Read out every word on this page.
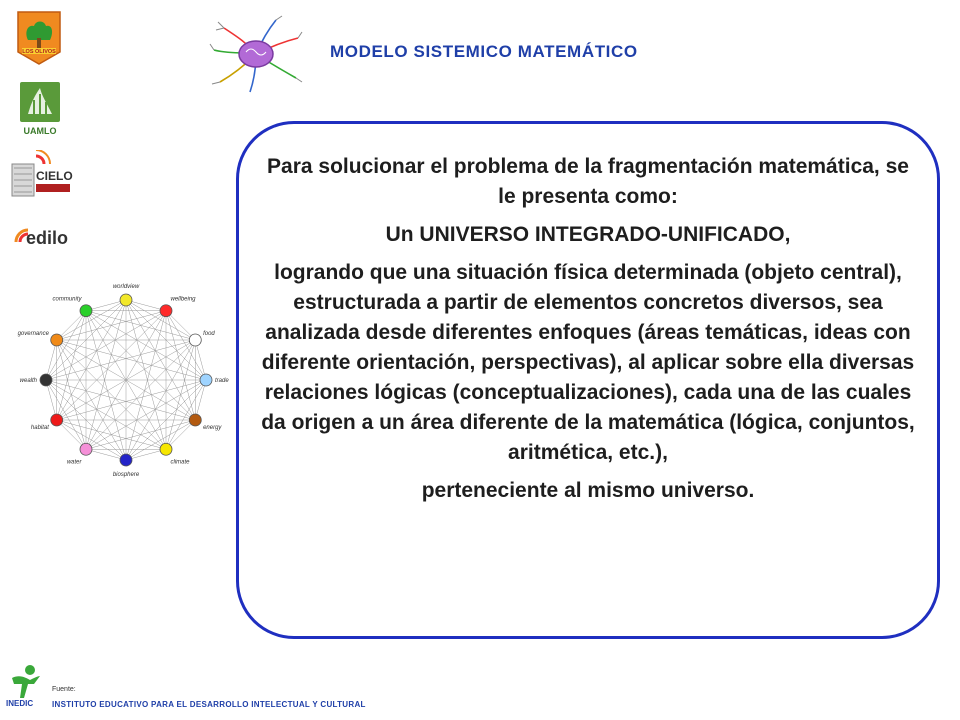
MODELO SISTEMICO MATEMÁTICO
LOS OLIVOS
UAMLO
CIELO
edilo
worldview
wellbeing
food
trade
energy
climate
biosphere
water
habitat
wealth
governance
community

Para solucionar el problema de la fragmentación matemática, se le presenta como:

Un UNIVERSO INTEGRADO-UNIFICADO,

logrando que una situación física determinada (objeto central), estructurada a partir de elementos concretos diversos, sea analizada desde diferentes enfoques (áreas temáticas, ideas con diferente orientación, perspectivas), al aplicar sobre ella diversas relaciones lógicas (conceptualizaciones), cada una de las cuales da origen a un área diferente de la matemática (lógica, conjuntos, aritmética, etc.),

perteneciente al mismo universo.

INEDIC
Fuente:
INSTITUTO EDUCATIVO PARA EL DESARROLLO INTELECTUAL Y CULTURAL
